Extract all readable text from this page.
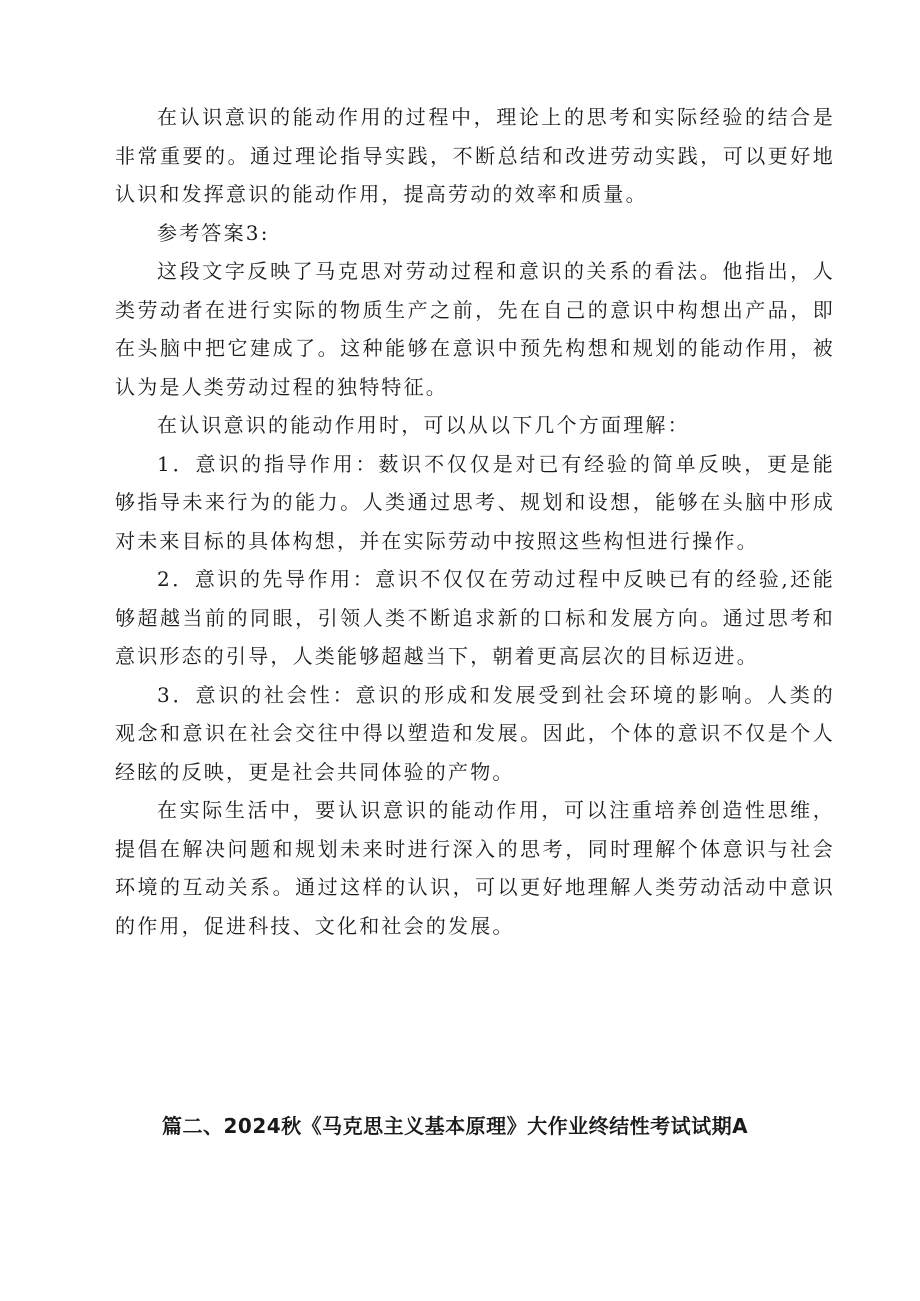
在认识意识的能动作用的过程中，理论上的思考和实际经验的结合是非常重要的。通过理论指导实践，不断总结和改进劳动实践，可以更好地认识和发挥意识的能动作用，提高劳动的效率和质量。

参考答案3:

这段文字反映了马克思对劳动过程和意识的关系的看法。他指出，人类劳动者在进行实际的物质生产之前，先在自己的意识中构想出产品，即在头脑中把它建成了。这种能够在意识中预先构想和规划的能动作用，被认为是人类劳动过程的独特特征。

在认识意识的能动作用时，可以从以下几个方面理解：

1．意识的指导作用：薮识不仅仅是对已有经验的简单反映，更是能够指导未来行为的能力。人类通过思考、规划和设想，能够在头脑中形成对未来目标的具体构想，并在实际劳动中按照这些构怛进行操作。

2．意识的先导作用：意识不仅仅在劳动过程中反映已有的经验,还能够超越当前的同眼，引领人类不断追求新的口标和发展方向。通过思考和意识形态的引导，人类能够超越当下，朝着更高层次的目标迈进。

3．意识的社会性：意识的形成和发展受到社会环境的影响。人类的观念和意识在社会交往中得以塑造和发展。因此，个体的意识不仅是个人经眩的反映，更是社会共同体验的产物。

在实际生活中，要认识意识的能动作用，可以注重培养创造性思维，提倡在解决问题和规划未来时进行深入的思考，同时理解个体意识与社会环境的互动关系。通过这样的认识，可以更好地理解人类劳动活动中意识的作用，促进科技、文化和社会的发展。

篇二、2024秋《马克思主义基本原理》大作业终结性考试试期A
